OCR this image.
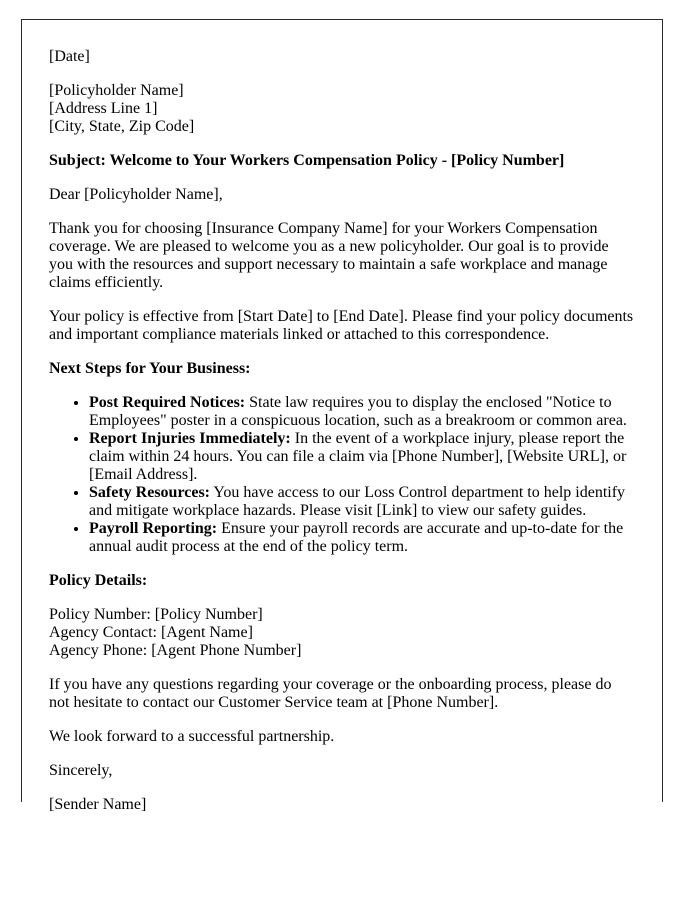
[Date]

[Policyholder Name]
[Address Line 1]
[City, State, Zip Code]

Subject: Welcome to Your Workers Compensation Policy - [Policy Number]

Dear [Policyholder Name],

Thank you for choosing [Insurance Company Name] for your Workers Compensation coverage. We are pleased to welcome you as a new policyholder. Our goal is to provide you with the resources and support necessary to maintain a safe workplace and manage claims efficiently.

Your policy is effective from [Start Date] to [End Date]. Please find your policy documents and important compliance materials linked or attached to this correspondence.

Next Steps for Your Business:

• Post Required Notices: State law requires you to display the enclosed "Notice to Employees" poster in a conspicuous location, such as a breakroom or common area.
• Report Injuries Immediately: In the event of a workplace injury, please report the claim within 24 hours. You can file a claim via [Phone Number], [Website URL], or [Email Address].
• Safety Resources: You have access to our Loss Control department to help identify and mitigate workplace hazards. Please visit [Link] to view our safety guides.
• Payroll Reporting: Ensure your payroll records are accurate and up-to-date for the annual audit process at the end of the policy term.

Policy Details:

Policy Number: [Policy Number]
Agency Contact: [Agent Name]
Agency Phone: [Agent Phone Number]

If you have any questions regarding your coverage or the onboarding process, please do not hesitate to contact our Customer Service team at [Phone Number].

We look forward to a successful partnership.

Sincerely,

[Sender Name]
